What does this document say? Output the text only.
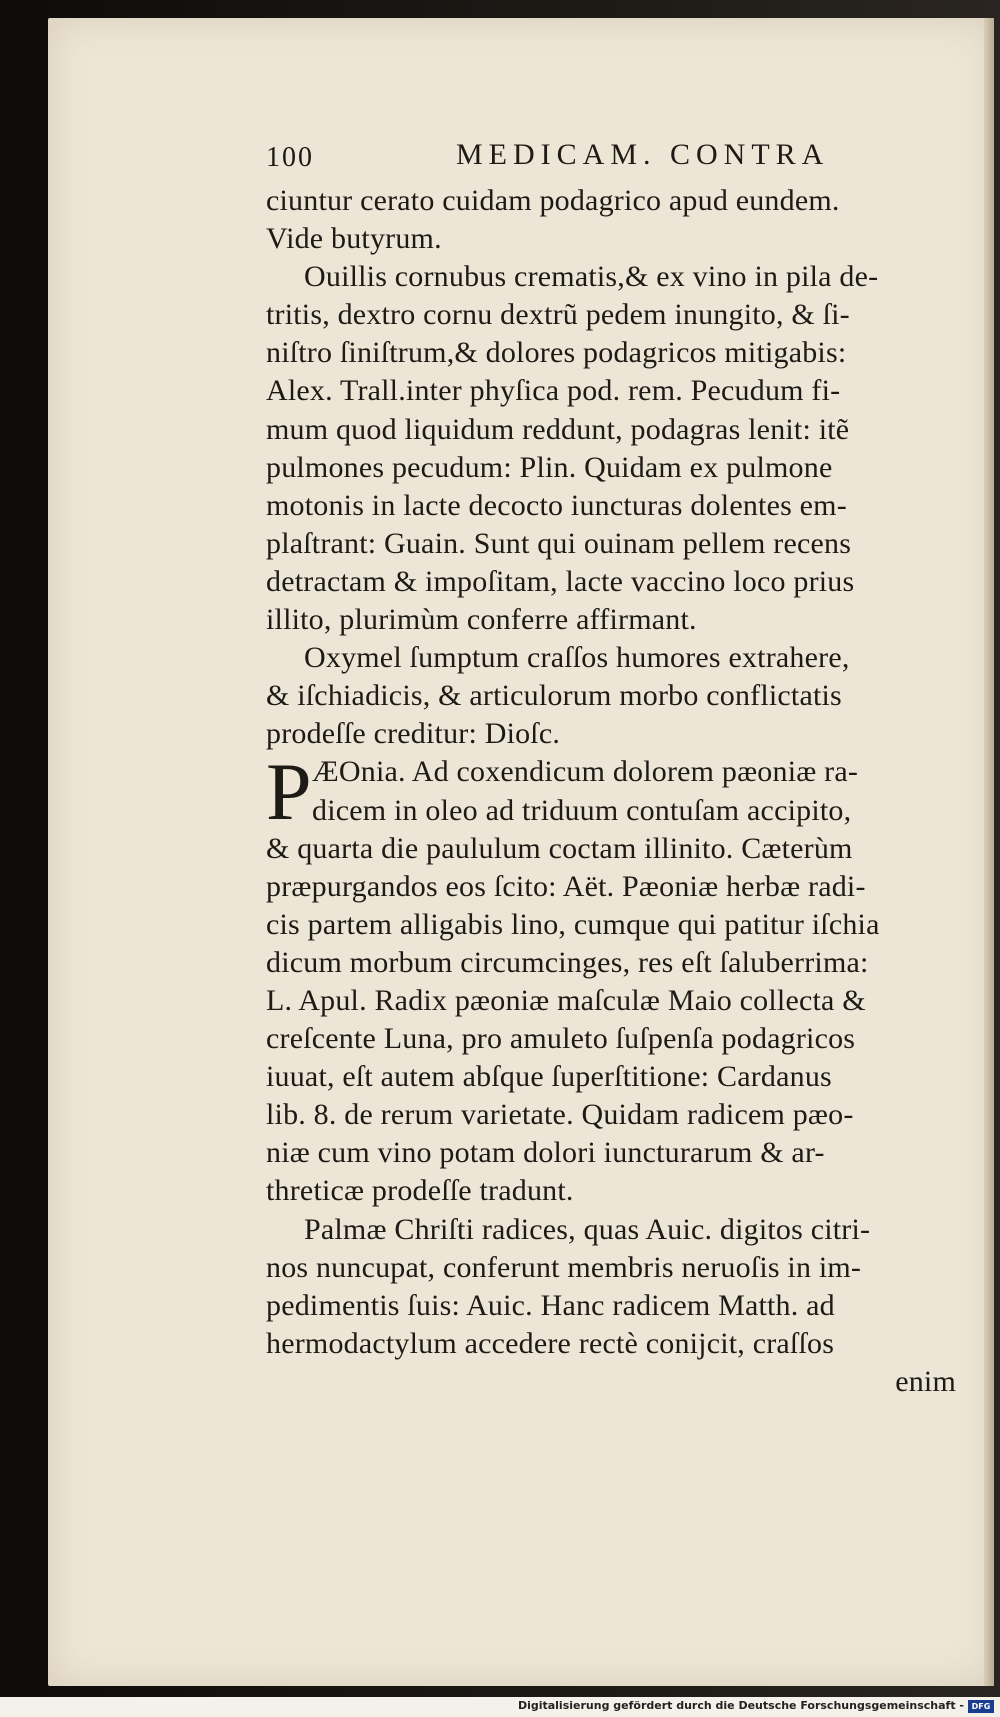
100	MEDICAM. CONTRA
ciuntur cerato cuidam podagrico apud eundem.
Vide butyrum.
Ouillis cornubus crematis,& ex vino in pila de-
tritis, dextro cornu dextrũ pedem inungito, & ſi-
niſtro ſiniſtrum,& dolores podagricos mitigabis:
Alex. Trall.inter phyſica pod. rem. Pecudum fi-
mum quod liquidum reddunt, podagras lenit: itẽ
pulmones pecudum: Plin. Quidam ex pulmone
motonis in lacte decocto iuncturas dolentes em-
plaſtrant: Guain. Sunt qui ouinam pellem recens
detractam & impoſitam, lacte vaccino loco prius
illito, plurimùm conferre affirmant.
Oxymel ſumptum craſſos humores extrahere,
& iſchiadicis, & articulorum morbo conflictatis
prodeſſe creditur: Dioſc.
P ÆOnia. Ad coxendicum dolorem pæoniæ ra-
dicem in oleo ad triduum contuſam accipito,
& quarta die paululum coctam illinito. Cæterùm
præpurgandos eos ſcito: Aët. Pæoniæ herbæ radi-
cis partem alligabis lino, cumque qui patitur iſchia
dicum morbum circumcinges, res eſt ſaluberrima:
L. Apul. Radix pæoniæ maſculæ Maio collecta &
creſcente Luna, pro amuleto ſuſpenſa podagricos
iuuat, eſt autem abſque ſuperſtitione: Cardanus
lib. 8. de rerum varietate. Quidam radicem pæo-
niæ cum vino potam dolori iuncturarum & ar-
threticæ prodeſſe tradunt.
Palmæ Chriſti radices, quas Auic. digitos citri-
nos nuncupat, conferunt membris neruoſis in im-
pedimentis ſuis: Auic. Hanc radicem Matth. ad
hermodactylum accedere rectè conijcit, craſſos
enim
Digitalisierung gefördert durch die Deutsche Forschungsgemeinschaft - DFG
